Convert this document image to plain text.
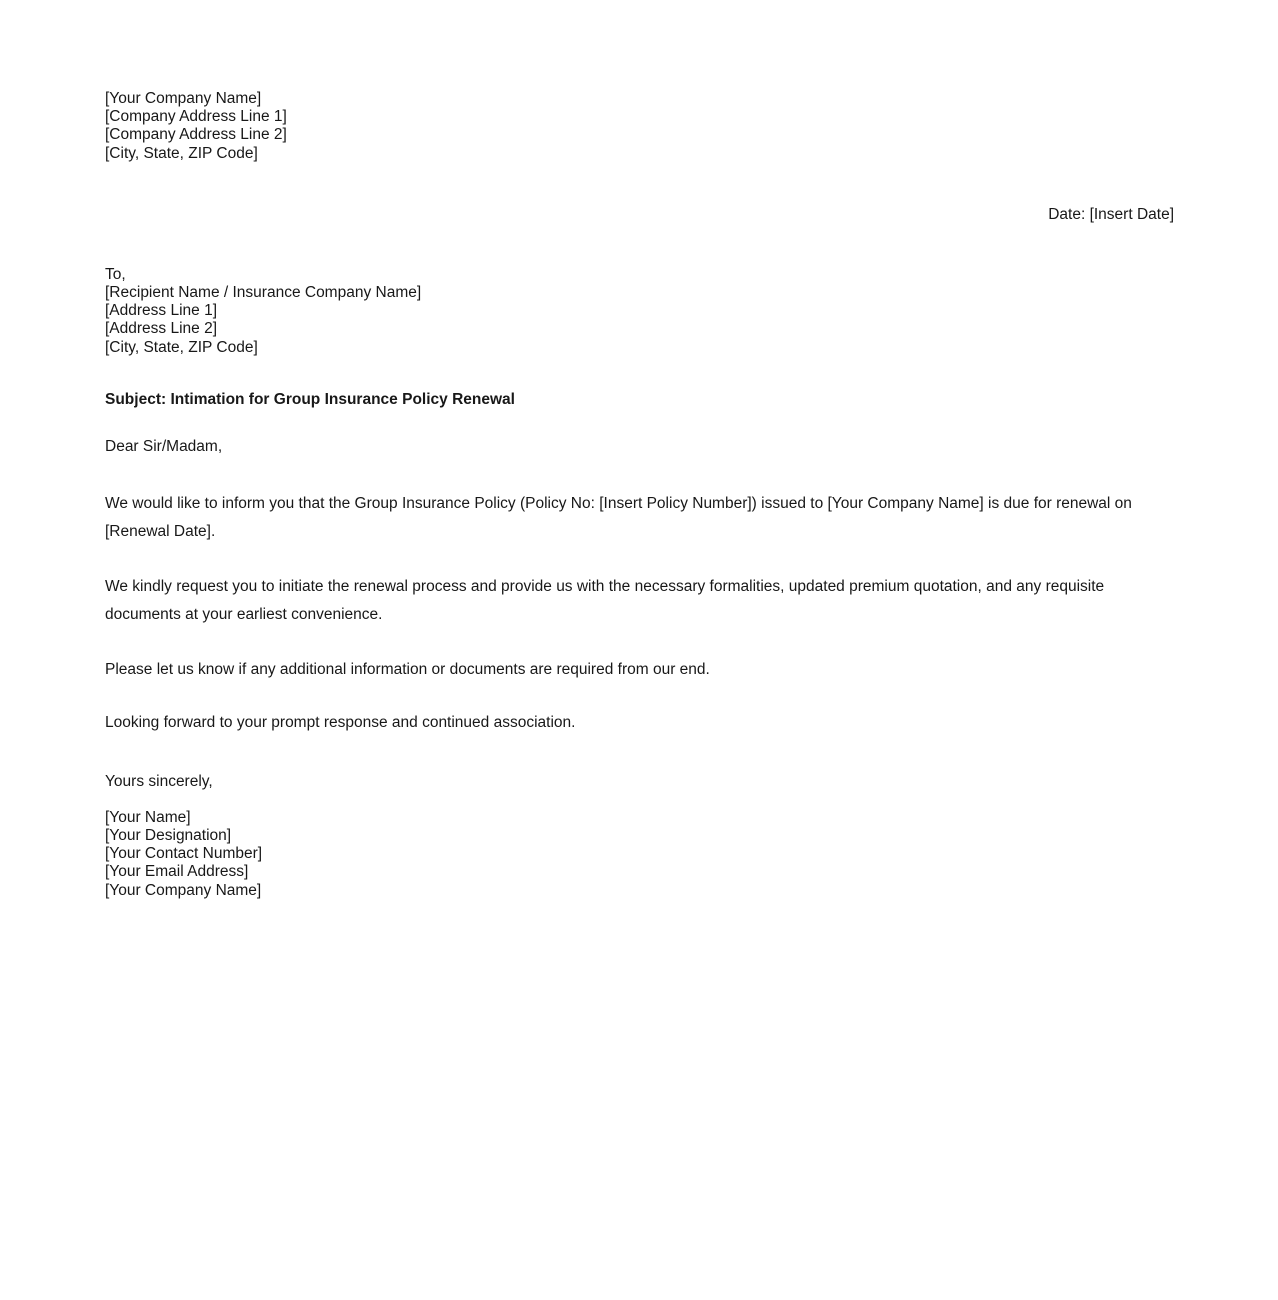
[Your Company Name]
[Company Address Line 1]
[Company Address Line 2]
[City, State, ZIP Code]
Date: [Insert Date]
To,
[Recipient Name / Insurance Company Name]
[Address Line 1]
[Address Line 2]
[City, State, ZIP Code]
Subject: Intimation for Group Insurance Policy Renewal
Dear Sir/Madam,
We would like to inform you that the Group Insurance Policy (Policy No: [Insert Policy Number]) issued to [Your Company Name] is due for renewal on [Renewal Date].
We kindly request you to initiate the renewal process and provide us with the necessary formalities, updated premium quotation, and any requisite documents at your earliest convenience.
Please let us know if any additional information or documents are required from our end.
Looking forward to your prompt response and continued association.
Yours sincerely,
[Your Name]
[Your Designation]
[Your Contact Number]
[Your Email Address]
[Your Company Name]
